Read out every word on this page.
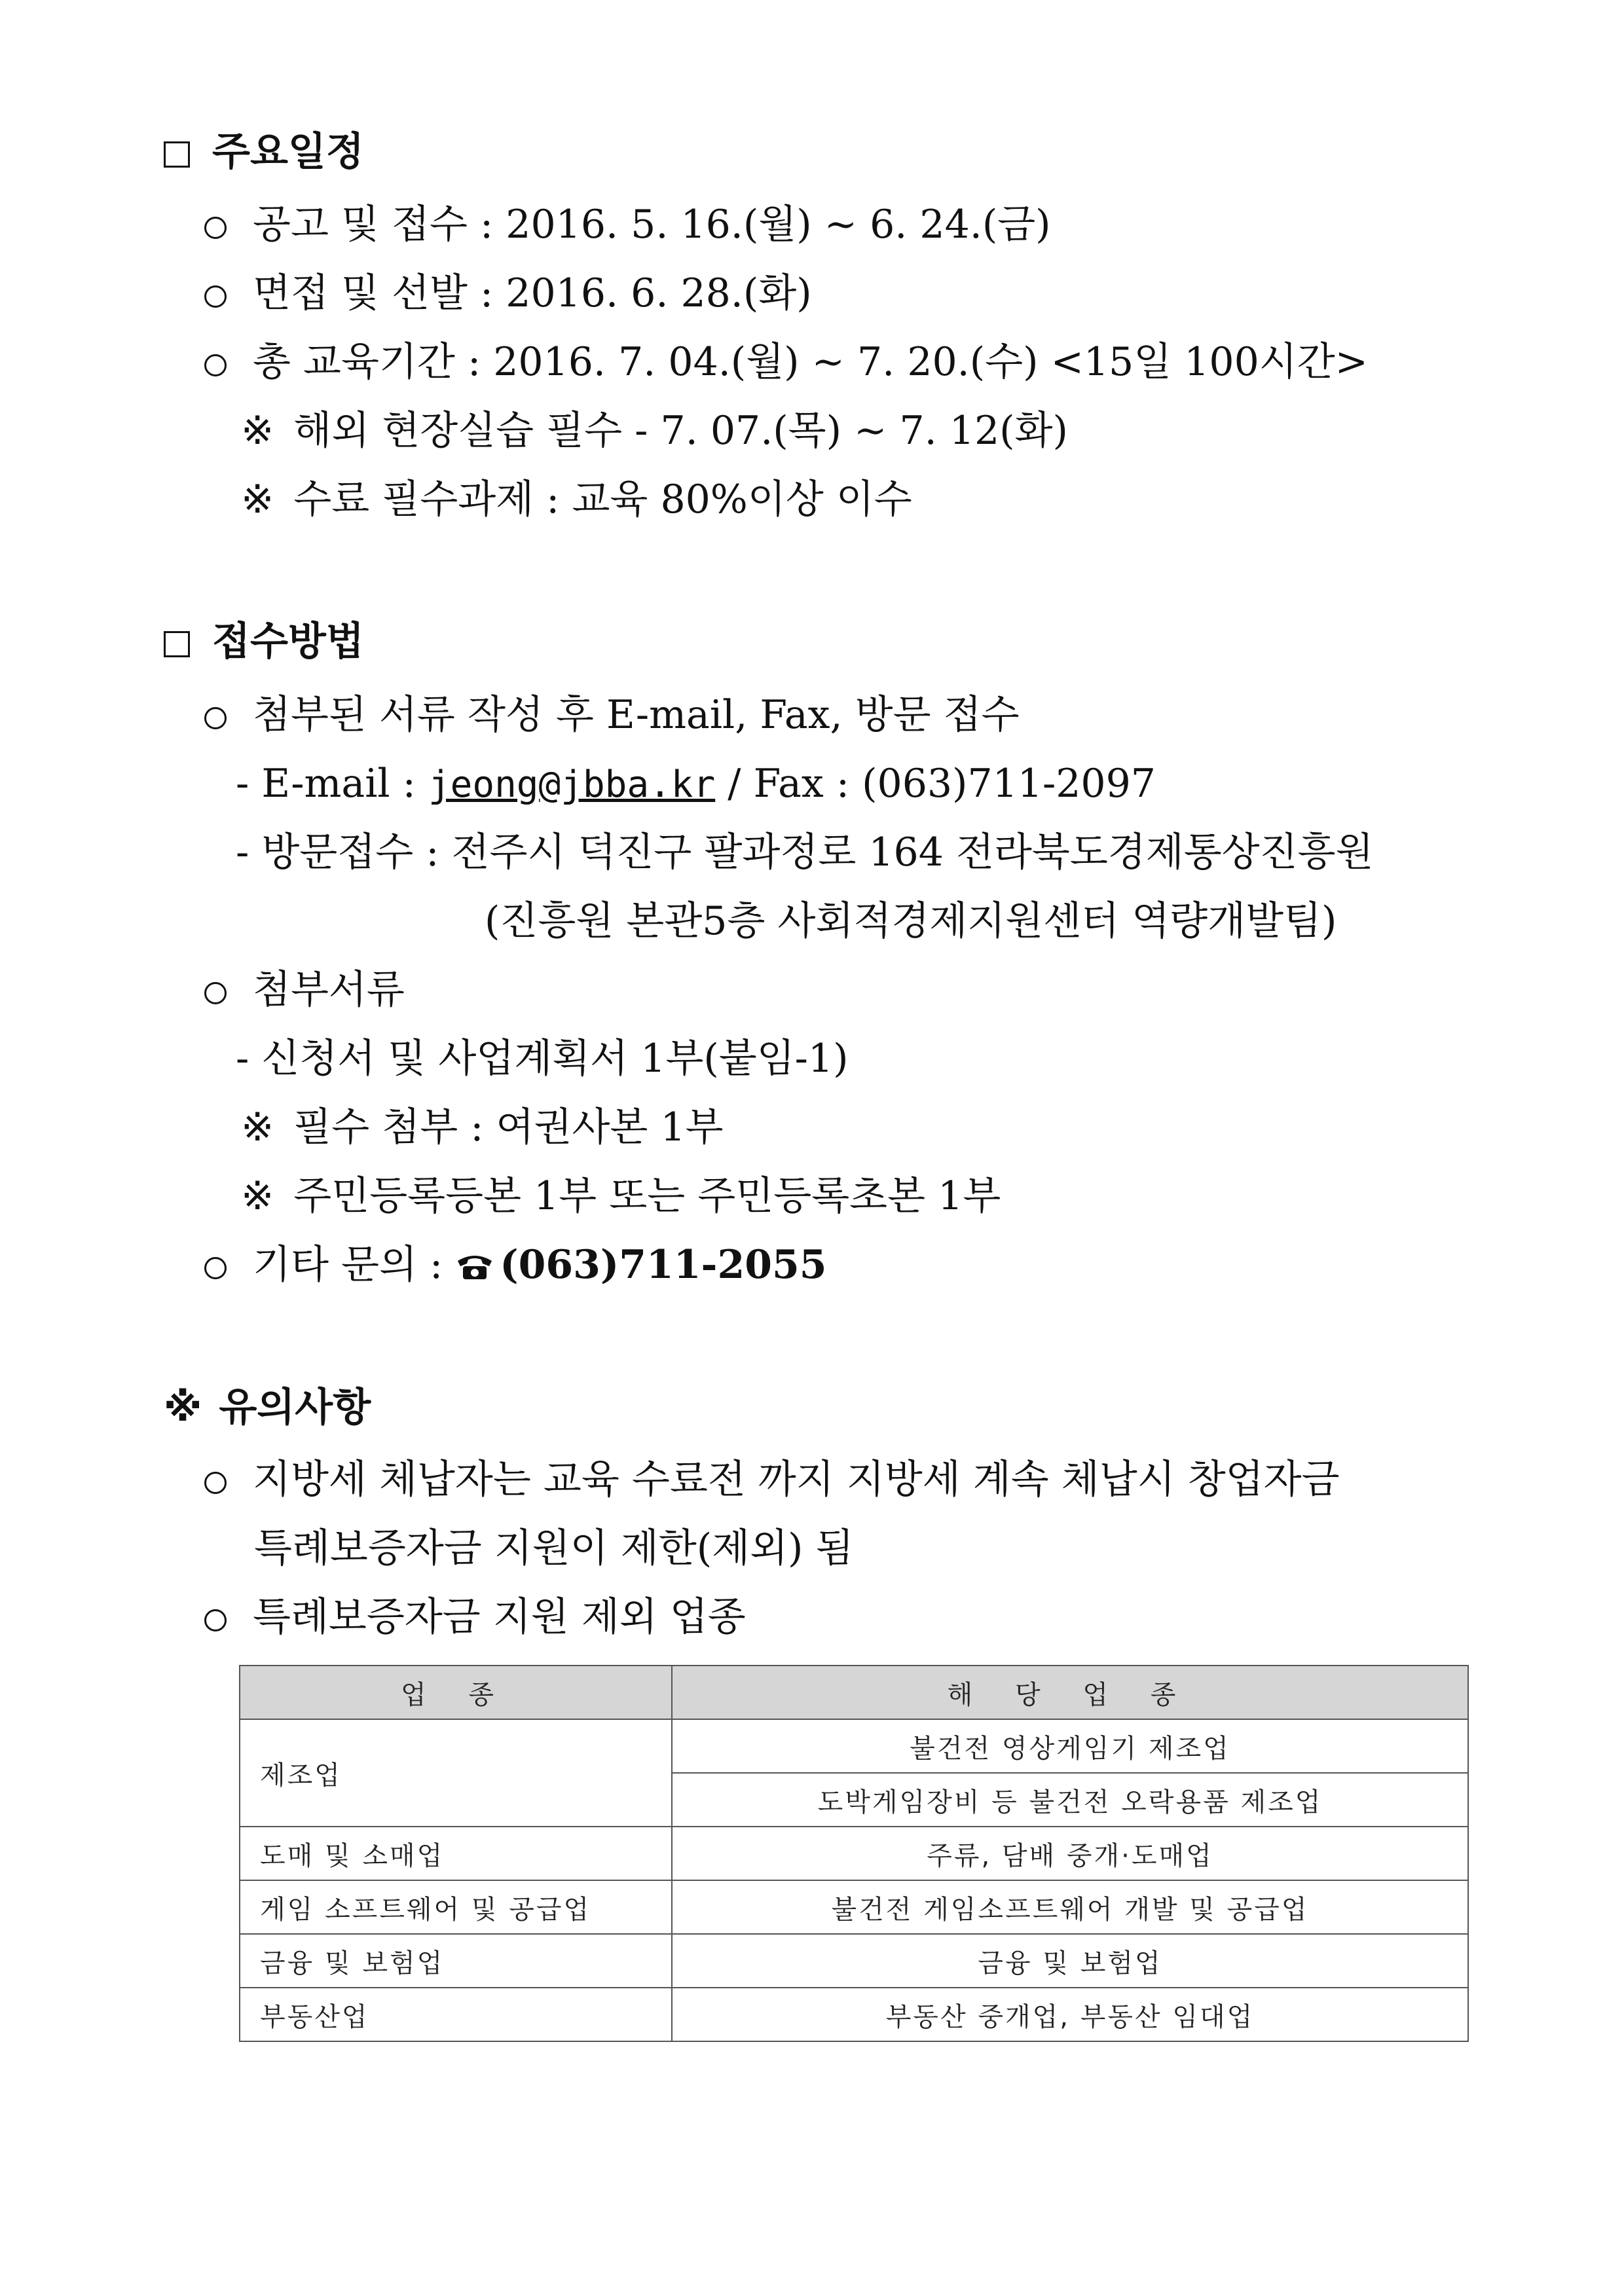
주요일정
공고 및 접수 : 2016. 5. 16.(월) ~ 6. 24.(금)
면접 및 선발 : 2016. 6. 28.(화)
총 교육기간 : 2016. 7. 04.(월) ~ 7. 20.(수) <15일 100시간>
※ 해외 현장실습 필수 - 7. 07.(목) ~ 7. 12(화)
※ 수료 필수과제 : 교육 80%이상 이수
접수방법
첨부된 서류 작성 후 E-mail, Fax, 방문 접수
- E-mail : jeong@jbba.kr / Fax : (063)711-2097
- 방문접수 : 전주시 덕진구 팔과정로 164 전라북도경제통상진흥원
(진흥원 본관5층 사회적경제지원센터 역량개발팀)
첨부서류
- 신청서 및 사업계획서 1부(붙임-1)
※ 필수 첨부 : 여권사본 1부
※ 주민등록등본 1부 또는 주민등록초본 1부
기타 문의 : (063)711-2055
※ 유의사항
지방세 체납자는 교육 수료전 까지 지방세 계속 체납시 창업자금
특례보증자금 지원이 제한(제외) 됨
특례보증자금 지원 제외 업종
업 종	해 당 업 종
제조업	불건전 영상게임기 제조업
	도박게임장비 등 불건전 오락용품 제조업
도매 및 소매업	주류, 담배 중개·도매업
게임 소프트웨어 및 공급업	불건전 게임소프트웨어 개발 및 공급업
금융 및 보험업	금융 및 보험업
부동산업	부동산 중개업, 부동산 임대업
